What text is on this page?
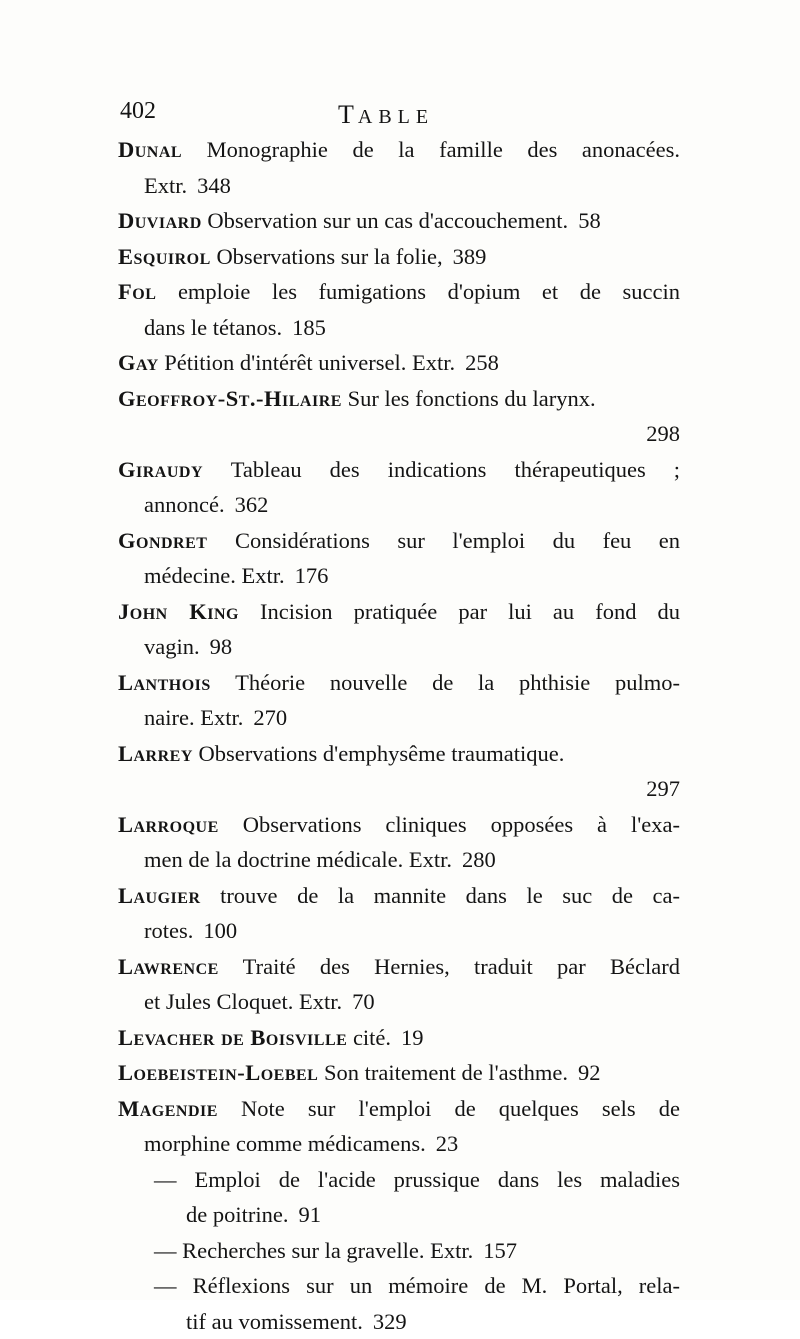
402	TABLE
Dunal Monographie de la famille des anonacées.
Extr. 348
Duviard Observation sur un cas d'accouchement. 58
Esquirol Observations sur la folie, 389
Fol emploie les fumigations d'opium et de succin
dans le tétanos. 185
Gay Pétition d'intérêt universel. Extr. 258
Geoffroy-St.-Hilaire Sur les fonctions du larynx.
298
Giraudy Tableau des indications thérapeutiques ;
annoncé. 362
Gondret Considérations sur l'emploi du feu en
médecine. Extr. 176
John King Incision pratiquée par lui au fond du
vagin. 98
Lanthois Théorie nouvelle de la phthisie pulmo-
naire. Extr. 270
Larrey Observations d'emphysême traumatique.
297
Larroque Observations cliniques opposées à l'exa-
men de la doctrine médicale. Extr. 280
Laugier trouve de la mannite dans le suc de ca-
rotes. 100
Lawrence Traité des Hernies, traduit par Béclard
et Jules Cloquet. Extr. 70
Levacher de Boisville cité. 19
Loebeistein-Loebel Son traitement de l'asthme. 92
Magendie Note sur l'emploi de quelques sels de
morphine comme médicamens. 23
— Emploi de l'acide prussique dans les maladies
de poitrine. 91
— Recherches sur la gravelle. Extr. 157
— Réflexions sur un mémoire de M. Portal, rela-
tif au vomissement. 329
